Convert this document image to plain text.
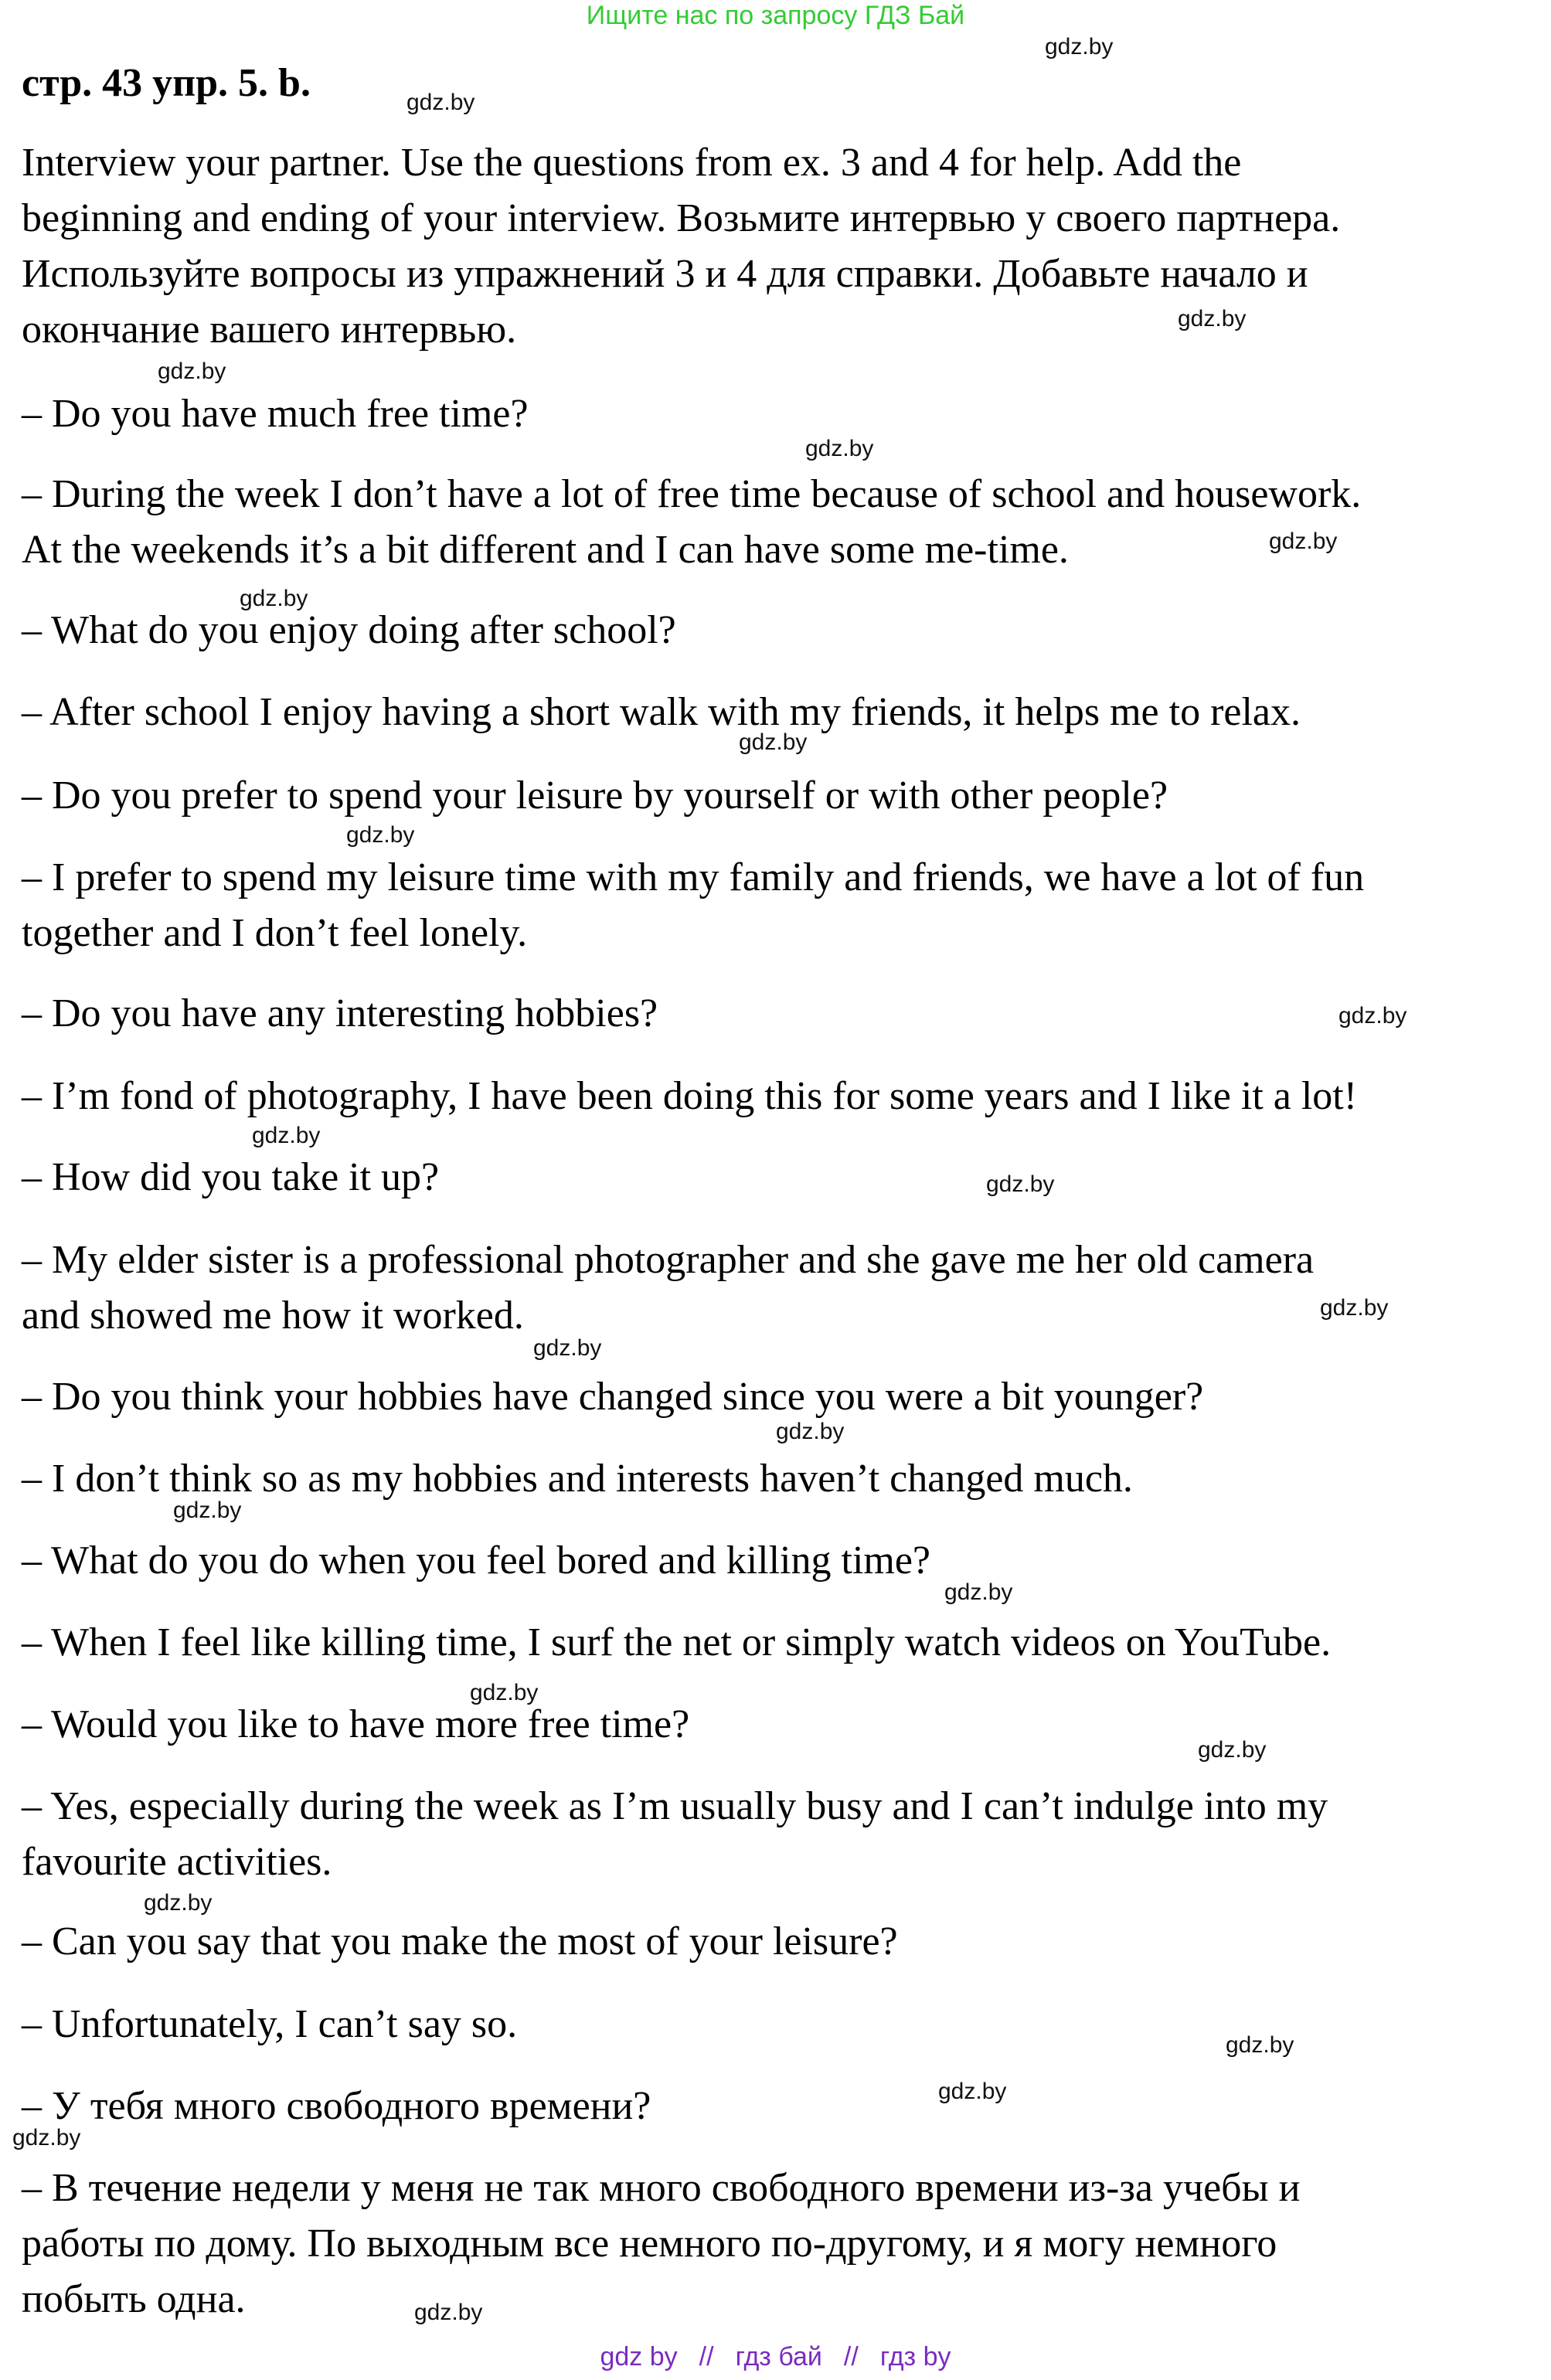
Ищите нас по запросу ГДЗ Бай
стр. 43 упр. 5. b.
Interview your partner. Use the questions from ex. 3 and 4 for help. Add the
beginning and ending of your interview. Возьмите интервью у своего партнера.
Используйте вопросы из упражнений 3 и 4 для справки. Добавьте начало и
окончание вашего интервью.
– Do you have much free time?
– During the week I don’t have a lot of free time because of school and housework.
At the weekends it’s a bit different and I can have some me-time.
– What do you enjoy doing after school?
– After school I enjoy having a short walk with my friends, it helps me to relax.
– Do you prefer to spend your leisure by yourself or with other people?
– I prefer to spend my leisure time with my family and friends, we have a lot of fun
together and I don’t feel lonely.
– Do you have any interesting hobbies?
– I’m fond of photography, I have been doing this for some years and I like it a lot!
– How did you take it up?
– My elder sister is a professional photographer and she gave me her old camera
and showed me how it worked.
– Do you think your hobbies have changed since you were a bit younger?
– I don’t think so as my hobbies and interests haven’t changed much.
– What do you do when you feel bored and killing time?
– When I feel like killing time, I surf the net or simply watch videos on YouTube.
– Would you like to have more free time?
– Yes, especially during the week as I’m usually busy and I can’t indulge into my
favourite activities.
– Can you say that you make the most of your leisure?
– Unfortunately, I can’t say so.
– У тебя много свободного времени?
– В течение недели у меня не так много свободного времени из-за учебы и
работы по дому. По выходным все немного по-другому, и я могу немного
побыть одна.
gdz.by
gdz.by
gdz.by
gdz.by
gdz.by
gdz.by
gdz.by
gdz.by
gdz.by
gdz.by
gdz.by
gdz.by
gdz.by
gdz.by
gdz.by
gdz.by
gdz.by
gdz.by
gdz.by
gdz.by
gdz.by
gdz.by
gdz.by
gdz.by
gdz by // гдз бай // гдз by
